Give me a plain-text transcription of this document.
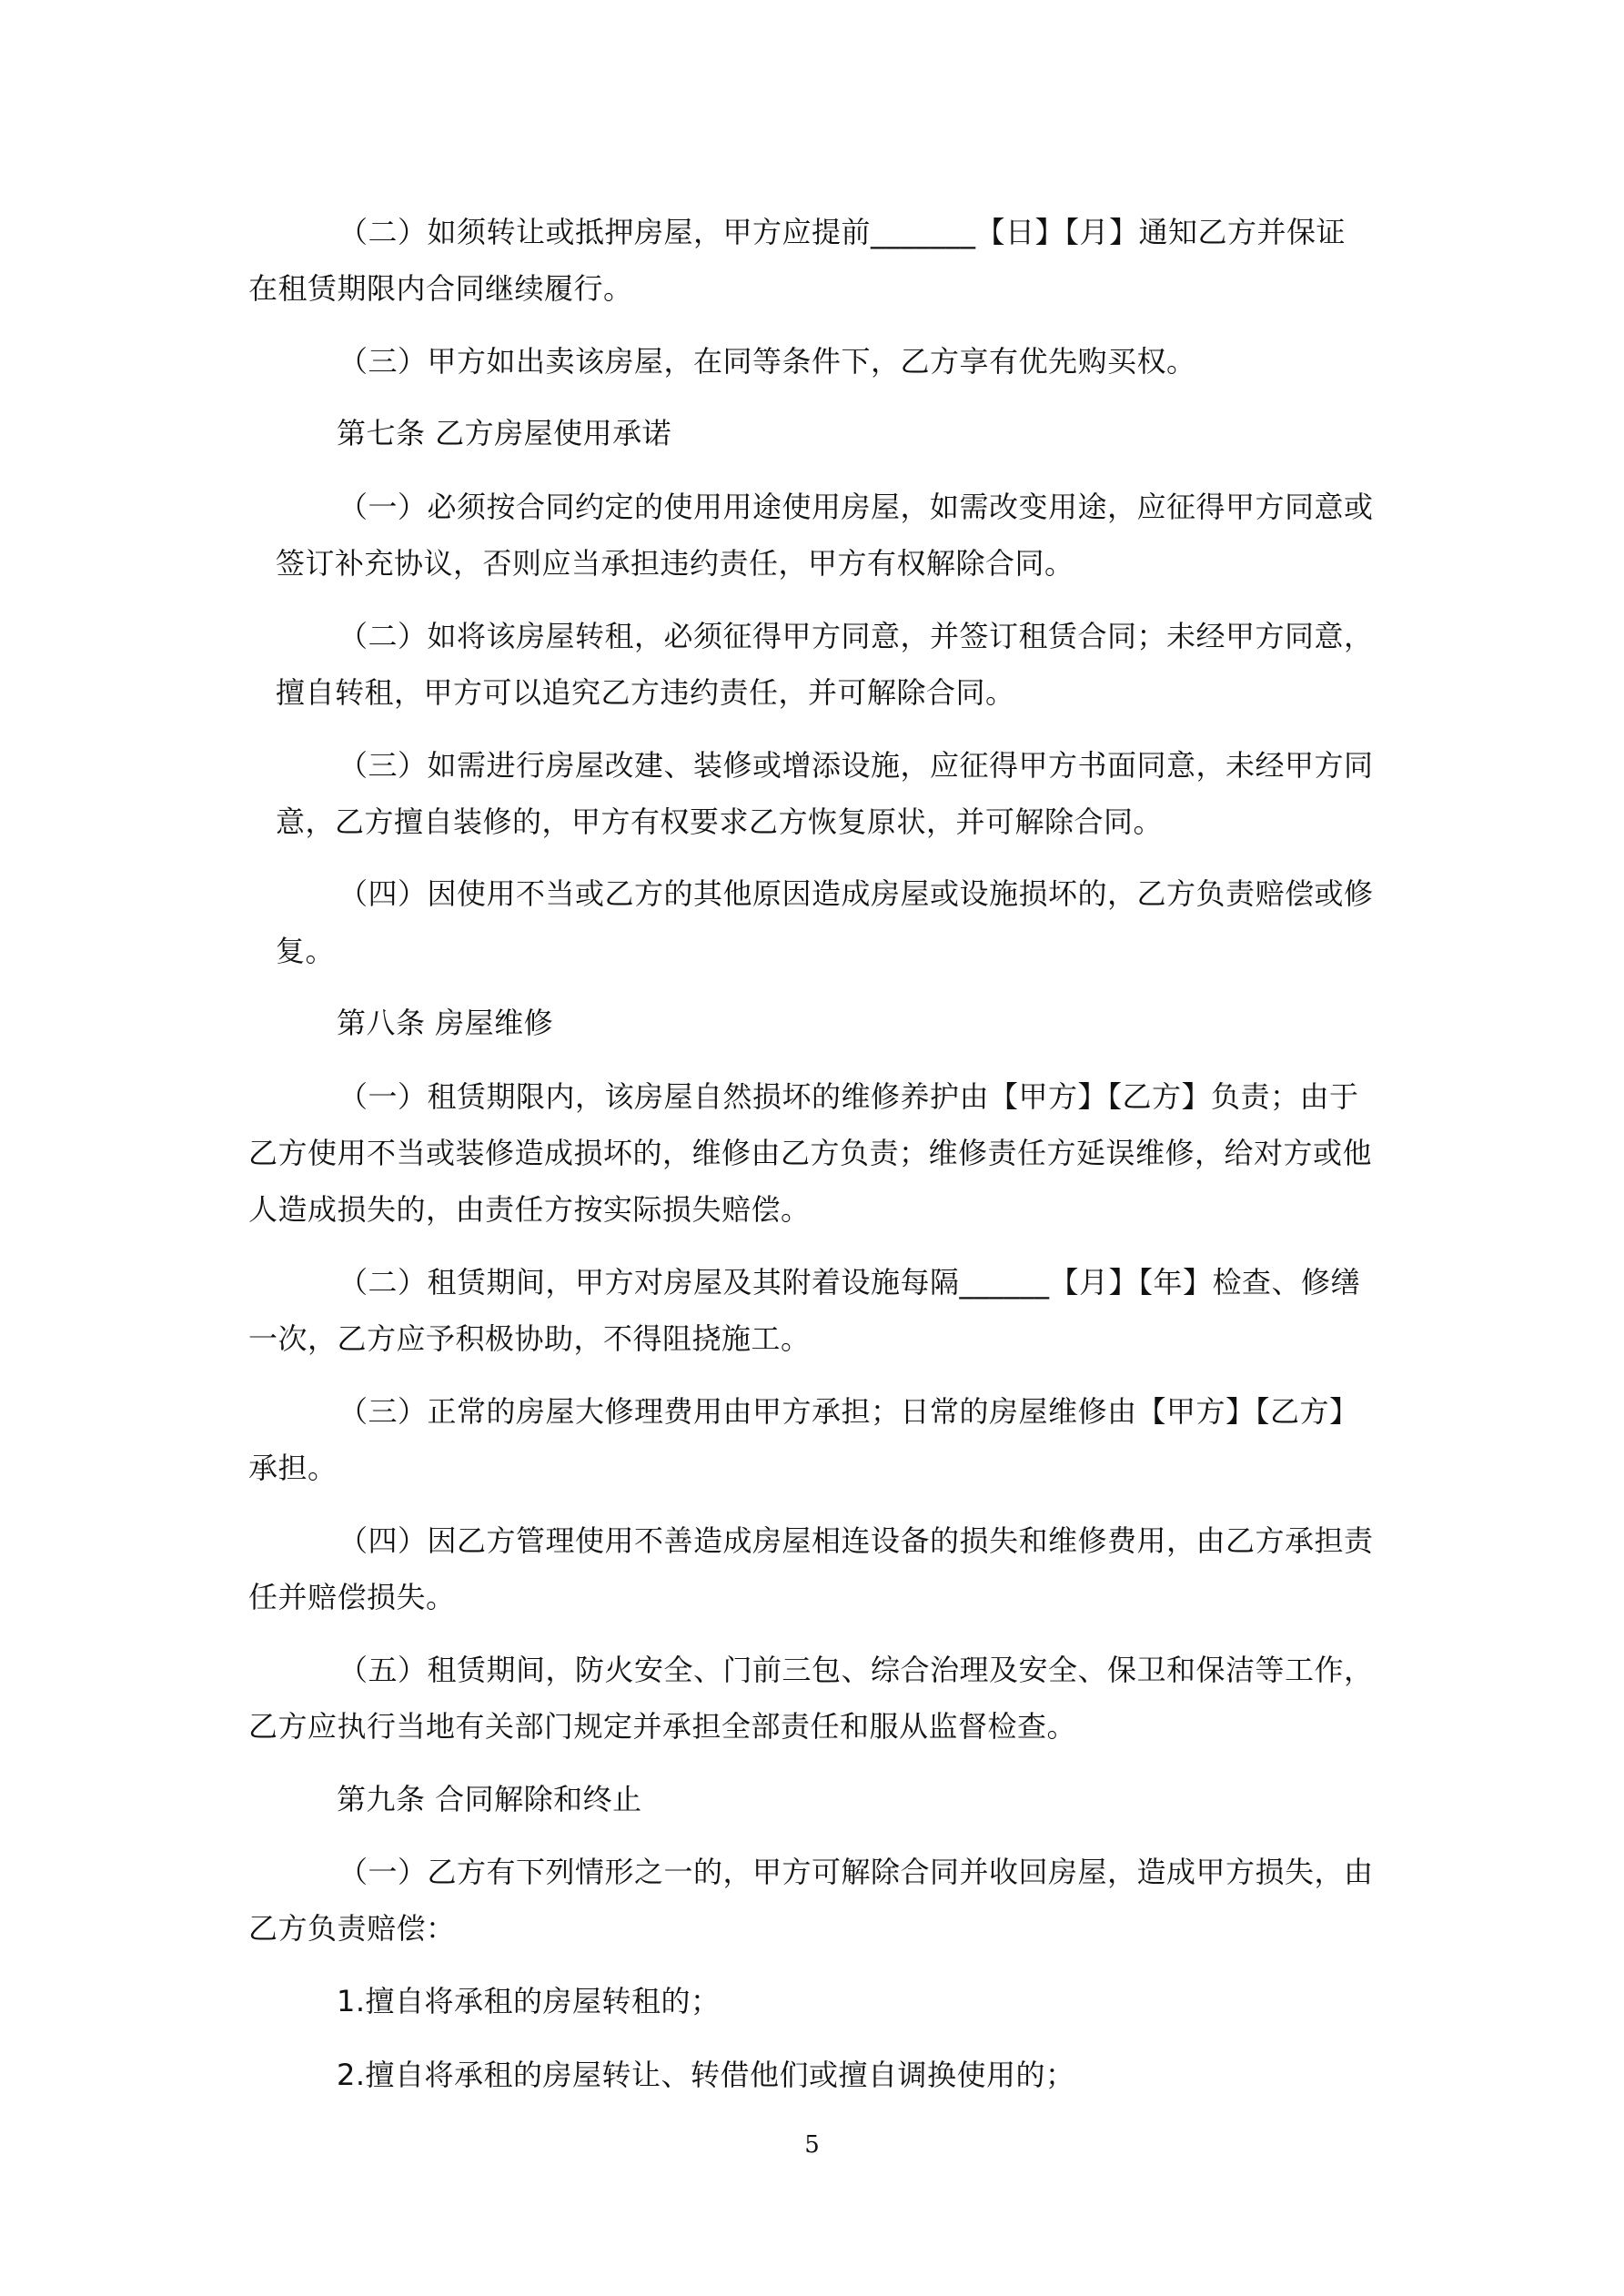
（二）如须转让或抵押房屋，甲方应提前_______【日】【月】通知乙方并保证
在租赁期限内合同继续履行。
（三）甲方如出卖该房屋，在同等条件下，乙方享有优先购买权。
第七条 乙方房屋使用承诺
（一）必须按合同约定的使用用途使用房屋，如需改变用途，应征得甲方同意或
签订补充协议，否则应当承担违约责任，甲方有权解除合同。
（二）如将该房屋转租，必须征得甲方同意，并签订租赁合同；未经甲方同意，
擅自转租，甲方可以追究乙方违约责任，并可解除合同。
（三）如需进行房屋改建、装修或增添设施，应征得甲方书面同意，未经甲方同
意，乙方擅自装修的，甲方有权要求乙方恢复原状，并可解除合同。
（四）因使用不当或乙方的其他原因造成房屋或设施损坏的，乙方负责赔偿或修
复。
第八条 房屋维修
（一）租赁期限内，该房屋自然损坏的维修养护由【甲方】【乙方】负责；由于
乙方使用不当或装修造成损坏的，维修由乙方负责；维修责任方延误维修，给对方或他
人造成损失的，由责任方按实际损失赔偿。
（二）租赁期间，甲方对房屋及其附着设施每隔______【月】【年】检查、修缮
一次，乙方应予积极协助，不得阻挠施工。
（三）正常的房屋大修理费用由甲方承担；日常的房屋维修由【甲方】【乙方】
承担。
（四）因乙方管理使用不善造成房屋相连设备的损失和维修费用，由乙方承担责
任并赔偿损失。
（五）租赁期间，防火安全、门前三包、综合治理及安全、保卫和保洁等工作，
乙方应执行当地有关部门规定并承担全部责任和服从监督检查。
第九条 合同解除和终止
（一）乙方有下列情形之一的，甲方可解除合同并收回房屋，造成甲方损失，由
乙方负责赔偿：
1.擅自将承租的房屋转租的；
2.擅自将承租的房屋转让、转借他们或擅自调换使用的；
5
